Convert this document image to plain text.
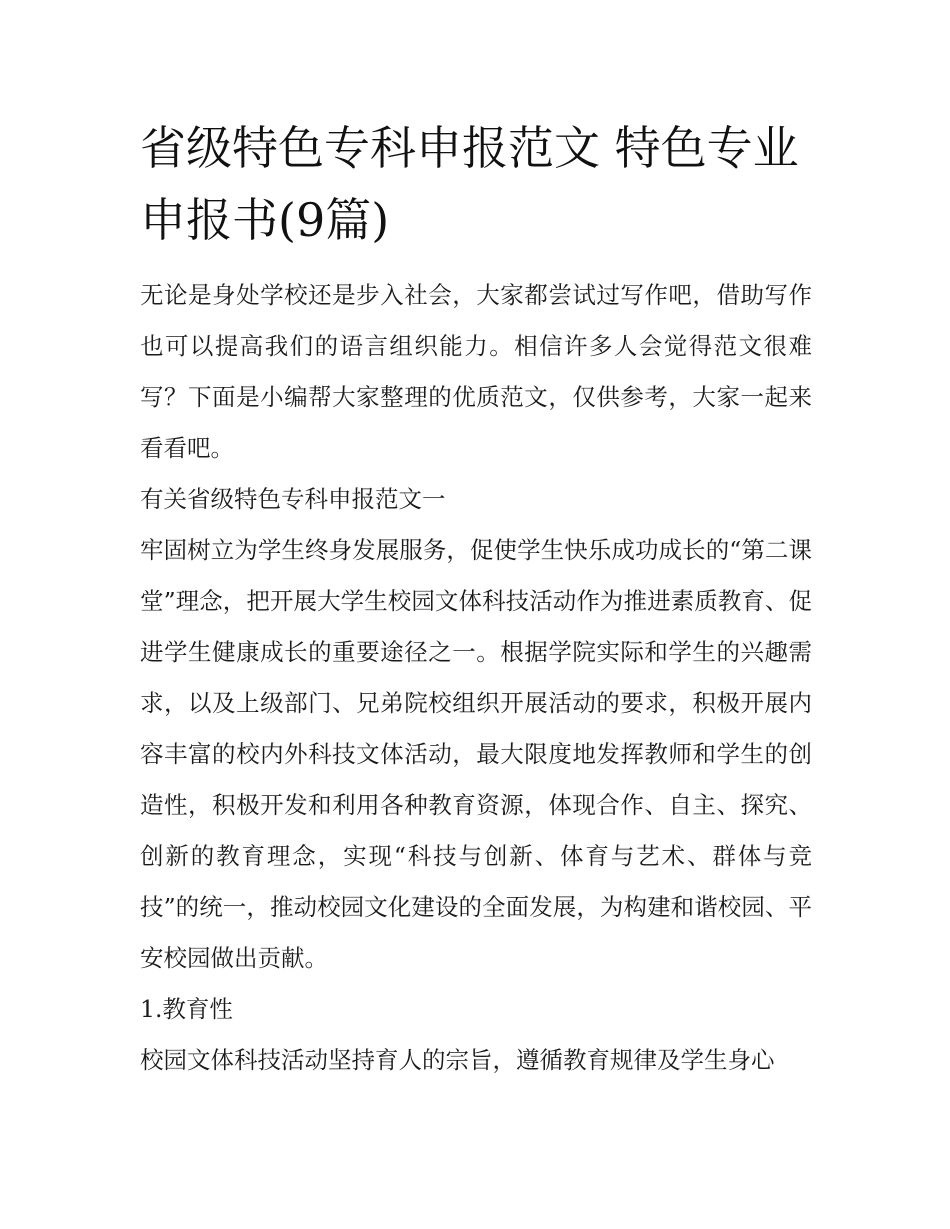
省级特色专科申报范文 特色专业申报书(9篇)

无论是身处学校还是步入社会，大家都尝试过写作吧，借助写作也可以提高我们的语言组织能力。相信许多人会觉得范文很难写？下面是小编帮大家整理的优质范文，仅供参考，大家一起来看看吧。

有关省级特色专科申报范文一

牢固树立为学生终身发展服务，促使学生快乐成功成长的“第二课堂”理念，把开展大学生校园文体科技活动作为推进素质教育、促进学生健康成长的重要途径之一。根据学院实际和学生的兴趣需求，以及上级部门、兄弟院校组织开展活动的要求，积极开展内容丰富的校内外科技文体活动，最大限度地发挥教师和学生的创造性，积极开发和利用各种教育资源，体现合作、自主、探究、创新的教育理念，实现“科技与创新、体育与艺术、群体与竞技”的统一，推动校园文化建设的全面发展，为构建和谐校园、平安校园做出贡献。

1.教育性

校园文体科技活动坚持育人的宗旨，遵循教育规律及学生身心
